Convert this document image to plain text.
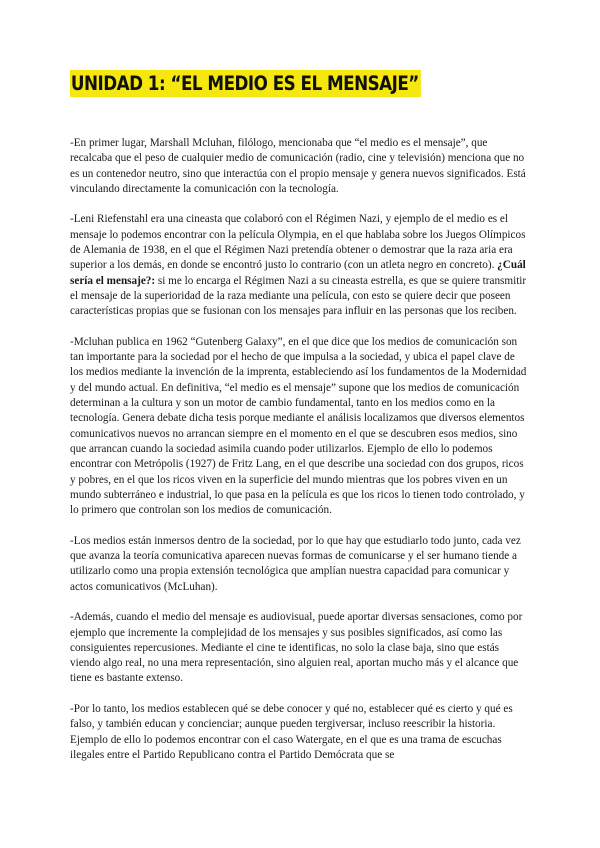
UNIDAD 1: “EL MEDIO ES EL MENSAJE”

-En primer lugar, Marshall Mcluhan, filólogo, mencionaba que “el medio es el mensaje”, que recalcaba que el peso de cualquier medio de comunicación (radio, cine y televisión) menciona que no es un contenedor neutro, sino que interactúa con el propio mensaje y genera nuevos significados. Está vinculando directamente la comunicación con la tecnología.

-Leni Riefenstahl era una cineasta que colaboró con el Régimen Nazi, y ejemplo de el medio es el mensaje lo podemos encontrar con la película Olympia, en el que hablaba sobre los Juegos Olímpicos de Alemania de 1938, en el que el Régimen Nazi pretendía obtener o demostrar que la raza aria era superior a los demás, en donde se encontró justo lo contrario (con un atleta negro en concreto). ¿Cuál sería el mensaje?: si me lo encarga el Régimen Nazi a su cineasta estrella, es que se quiere transmitir el mensaje de la superioridad de la raza mediante una película, con esto se quiere decir que poseen características propias que se fusionan con los mensajes para influir en las personas que los reciben.

-Mcluhan publica en 1962 “Gutenberg Galaxy”, en el que dice que los medios de comunicación son tan importante para la sociedad por el hecho de que impulsa a la sociedad, y ubica el papel clave de los medios mediante la invención de la imprenta, estableciendo así los fundamentos de la Modernidad y del mundo actual. En definitiva, “el medio es el mensaje” supone que los medios de comunicación determinan a la cultura y son un motor de cambio fundamental, tanto en los medios como en la tecnología. Genera debate dicha tesis porque mediante el análisis localizamos que diversos elementos comunicativos nuevos no arrancan siempre en el momento en el que se descubren esos medios, sino que arrancan cuando la sociedad asimila cuando poder utilizarlos. Ejemplo de ello lo podemos encontrar con Metrópolis (1927) de Fritz Lang, en el que describe una sociedad con dos grupos, ricos y pobres, en el que los ricos viven en la superficie del mundo mientras que los pobres viven en un mundo subterráneo e industrial, lo que pasa en la película es que los ricos lo tienen todo controlado, y lo primero que controlan son los medios de comunicación.

-Los medios están inmersos dentro de la sociedad, por lo que hay que estudiarlo todo junto, cada vez que avanza la teoría comunicativa aparecen nuevas formas de comunicarse y el ser humano tiende a utilizarlo como una propia extensión tecnológica que amplían nuestra capacidad para comunicar y actos comunicativos (McLuhan).

-Además, cuando el medio del mensaje es audiovisual, puede aportar diversas sensaciones, como por ejemplo que incremente la complejidad de los mensajes y sus posibles significados, así como las consiguientes repercusiones. Mediante el cine te identificas, no solo la clase baja, sino que estás viendo algo real, no una mera representación, sino alguien real, aportan mucho más y el alcance que tiene es bastante extenso.

-Por lo tanto, los medios establecen qué se debe conocer y qué no, establecer qué es cierto y qué es falso, y también educan y concienciar; aunque pueden tergiversar, incluso reescribir la historia. Ejemplo de ello lo podemos encontrar con el caso Watergate, en el que es una trama de escuchas ilegales entre el Partido Republicano contra el Partido Demócrata que se
